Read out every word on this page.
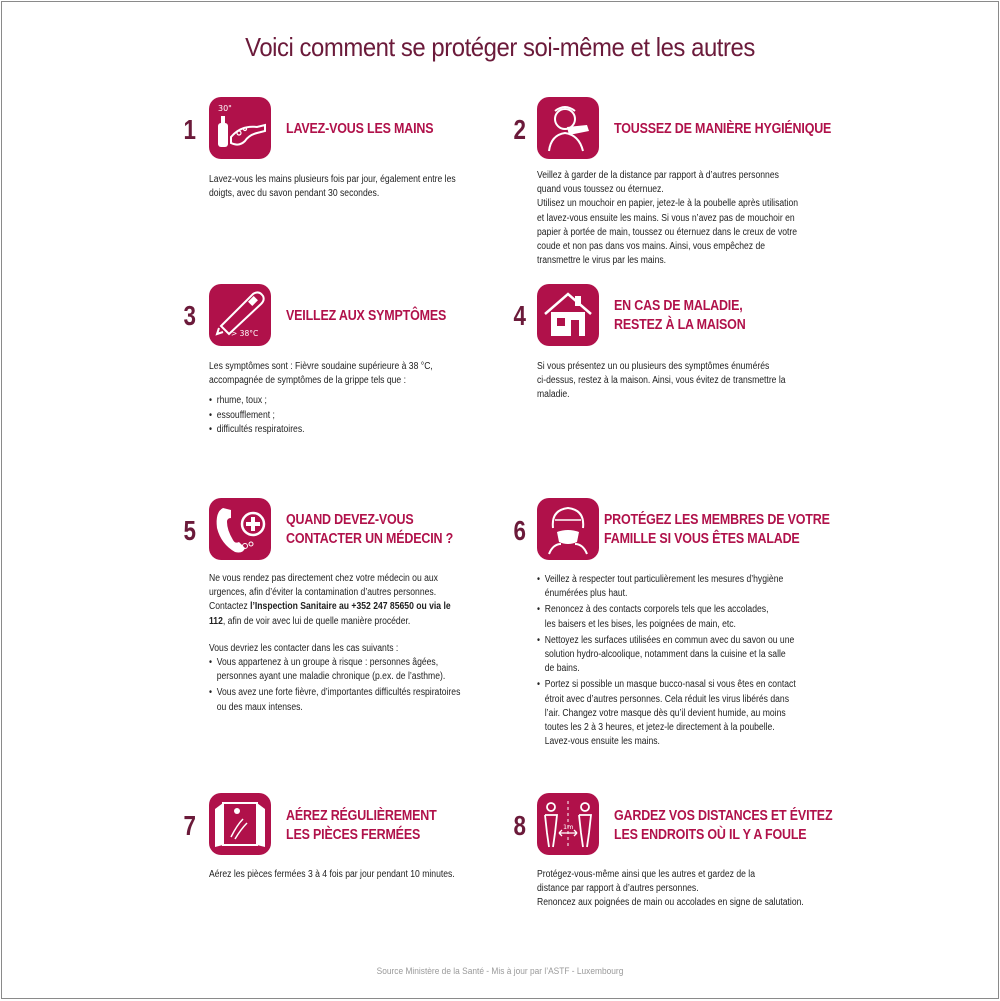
Voici comment se protéger soi-même et les autres
1
30"
LAVEZ-VOUS LES MAINS

Lavez-vous les mains plusieurs fois par jour, également entre les

doigts, avec du savon pendant 30 secondes.

2	TOUSSEZ DE MANIÈRE HYGIÉNIQUE

Veillez à garder de la distance par rapport à d’autres personnes

quand vous toussez ou éternuez.

Utilisez un mouchoir en papier, jetez-le à la poubelle après utilisation

et lavez-vous ensuite les mains. Si vous n’avez pas de mouchoir en

papier à portée de main, toussez ou éternuez dans le creux de votre

coude et non pas dans vos mains. Ainsi, vous empêchez de

transmettre le virus par les mains.

3
> 38°C
VEILLEZ AUX SYMPTÔMES

Les symptômes sont : Fièvre soudaine supérieure à 38 °C,

accompagnée de symptômes de la grippe tels que :

• rhume, toux ;
• essoufflement ;
• difficultés respiratoires.
4	EN CAS DE MALADIE,
RESTEZ À LA MAISON

Si vous présentez un ou plusieurs des symptômes énumérés

ci-dessus, restez à la maison. Ainsi, vous évitez de transmettre la

maladie.

5	QUAND DEVEZ-VOUS
CONTACTER UN MÉDECIN ?

Ne vous rendez pas directement chez votre médecin ou aux

urgences, afin d’éviter la contamination d’autres personnes.

Contactez l’Inspection Sanitaire au +352 247 85650 ou via le

112, afin de voir avec lui de quelle manière procéder.

Vous devriez les contacter dans les cas suivants :

• Vous appartenez à un groupe à risque : personnes âgées,
personnes ayant une maladie chronique (p.ex. de l’asthme).
• Vous avez une forte fièvre, d’importantes difficultés respiratoires
ou des maux intenses.
6	PROTÉGEZ LES MEMBRES DE VOTRE
FAMILLE SI VOUS ÊTES MALADE
• Veillez à respecter tout particulièrement les mesures d’hygiène
énumérées plus haut.
• Renoncez à des contacts corporels tels que les accolades,
les baisers et les bises, les poignées de main, etc.
• Nettoyez les surfaces utilisées en commun avec du savon ou une
solution hydro-alcoolique, notamment dans la cuisine et la salle
de bains.
• Portez si possible un masque bucco-nasal si vous êtes en contact
étroit avec d’autres personnes. Cela réduit les virus libérés dans
l’air. Changez votre masque dès qu’il devient humide, au moins
toutes les 2 à 3 heures, et jetez-le directement à la poubelle.
Lavez-vous ensuite les mains.
7	AÉREZ RÉGULIÈREMENT
LES PIÈCES FERMÉES

Aérez les pièces fermées 3 à 4 fois par jour pendant 10 minutes.

8	1m
GARDEZ VOS DISTANCES ET ÉVITEZ
LES ENDROITS OÙ IL Y A FOULE

Protégez-vous-même ainsi que les autres et gardez de la

distance par rapport à d’autres personnes.

Renoncez aux poignées de main ou accolades en signe de salutation.

Source Ministère de la Santé - Mis à jour par l’ASTF - Luxembourg
